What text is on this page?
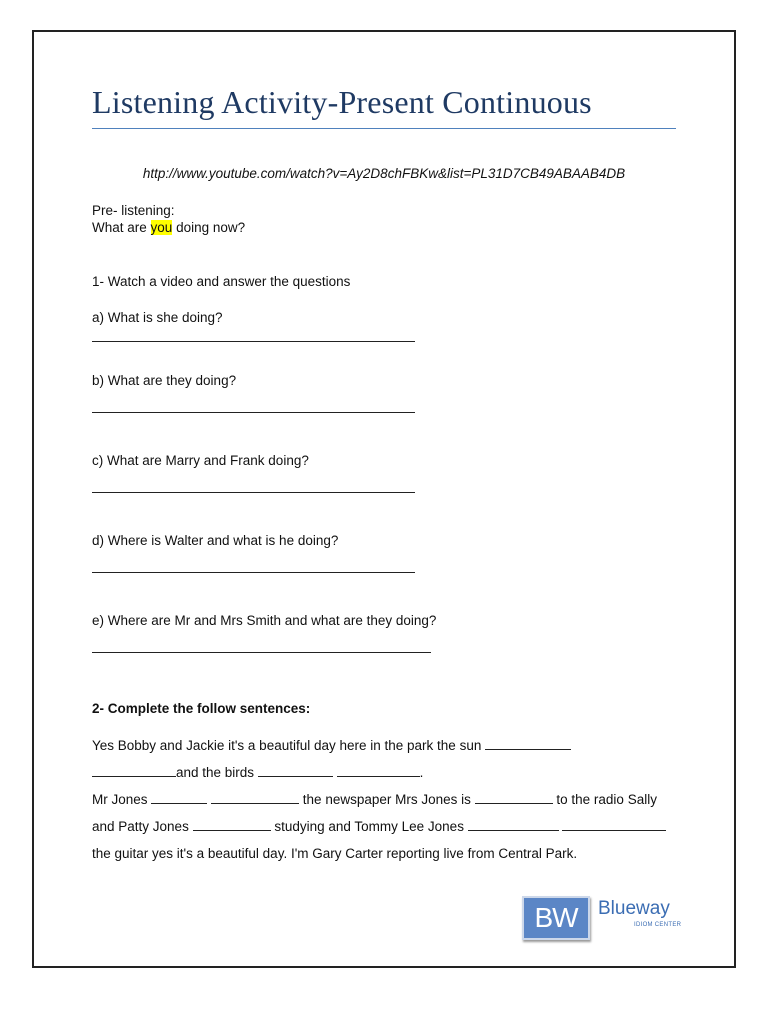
Listening Activity-Present Continuous
http://www.youtube.com/watch?v=Ay2D8chFBKw&list=PL31D7CB49ABAAB4DB
Pre- listening:
What are you doing now?
1- Watch a video and answer the questions
a) What is she doing?
b) What are they doing?
c) What are Marry and Frank doing?
d) Where is Walter and what is he doing?
e) Where are Mr and Mrs Smith and what are they doing?
2- Complete the follow sentences:
Yes Bobby and Jackie it's a beautiful day here in the park the sun
and the birds	.
Mr Jones	the newspaper Mrs Jones is	to the radio Sally
and Patty Jones	studying and Tommy Lee Jones
the guitar yes it's a beautiful day. I'm Gary Carter reporting live from Central Park.
BW	Blueway
IDIOM CENTER
